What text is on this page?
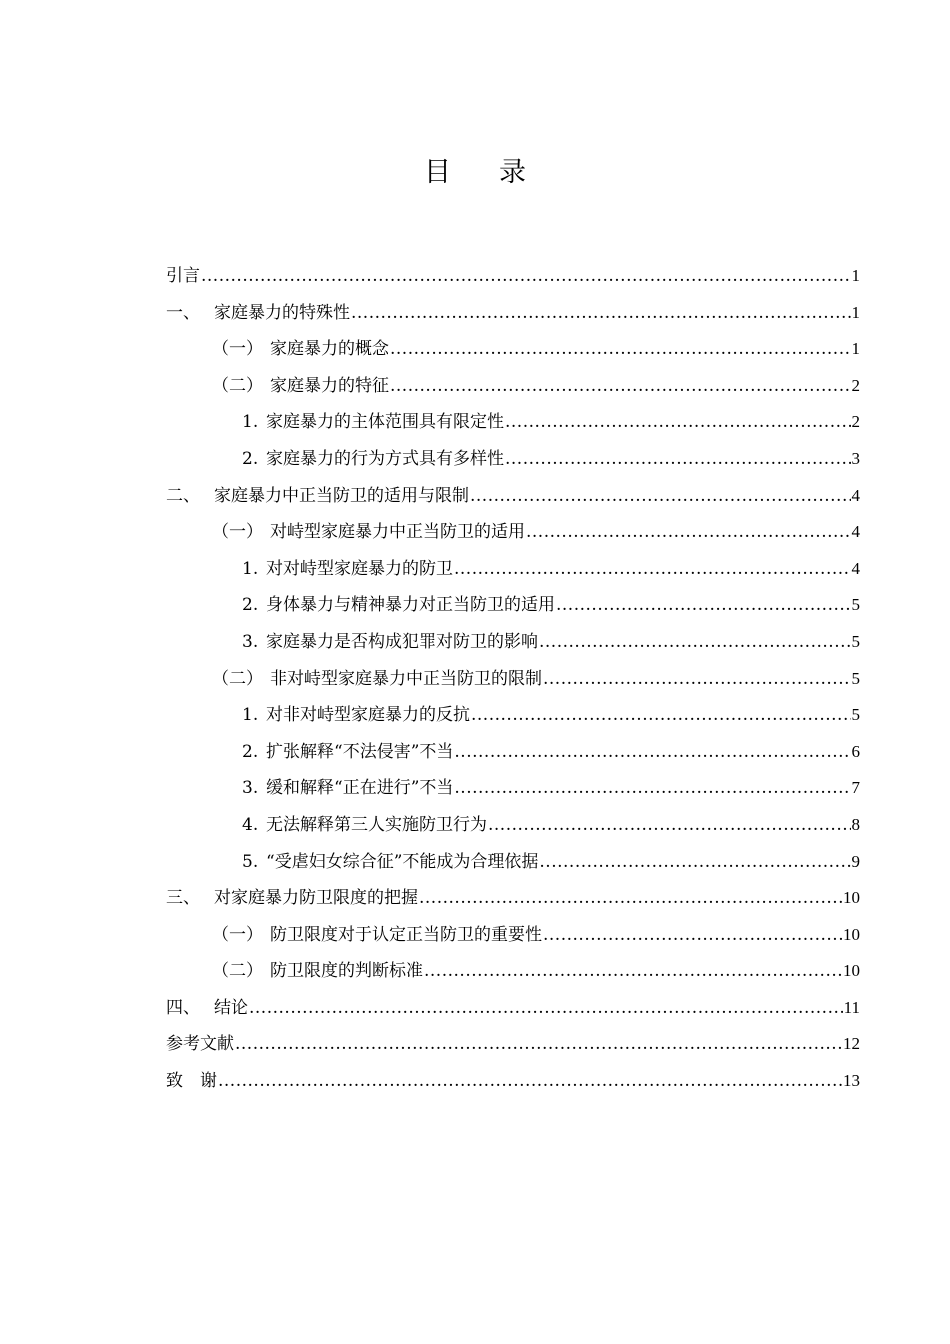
目 录
引言 .....	1
一、 家庭暴力的特殊性 .....	1
（一） 家庭暴力的概念 .....	1
（二） 家庭暴力的特征 .....	2
1. 家庭暴力的主体范围具有限定性 .....	2
2. 家庭暴力的行为方式具有多样性 .....	3
二、 家庭暴力中正当防卫的适用与限制 .....	4
（一） 对峙型家庭暴力中正当防卫的适用 .....	4
1. 对对峙型家庭暴力的防卫 .....	4
2. 身体暴力与精神暴力对正当防卫的适用 .....	5
3. 家庭暴力是否构成犯罪对防卫的影响 .....	5
（二） 非对峙型家庭暴力中正当防卫的限制 .....	5
1. 对非对峙型家庭暴力的反抗 .....	5
2. 扩张解释“不法侵害”不当 .....	6
3. 缓和解释“正在进行”不当 .....	7
4. 无法解释第三人实施防卫行为 .....	8
5. “受虐妇女综合征”不能成为合理依据 .....	9
三、 对家庭暴力防卫限度的把握 .....	10
（一） 防卫限度对于认定正当防卫的重要性 .....	10
（二） 防卫限度的判断标准 .....	10
四、 结论 .....	11
参考文献 .....	12
致　谢 .....	13
